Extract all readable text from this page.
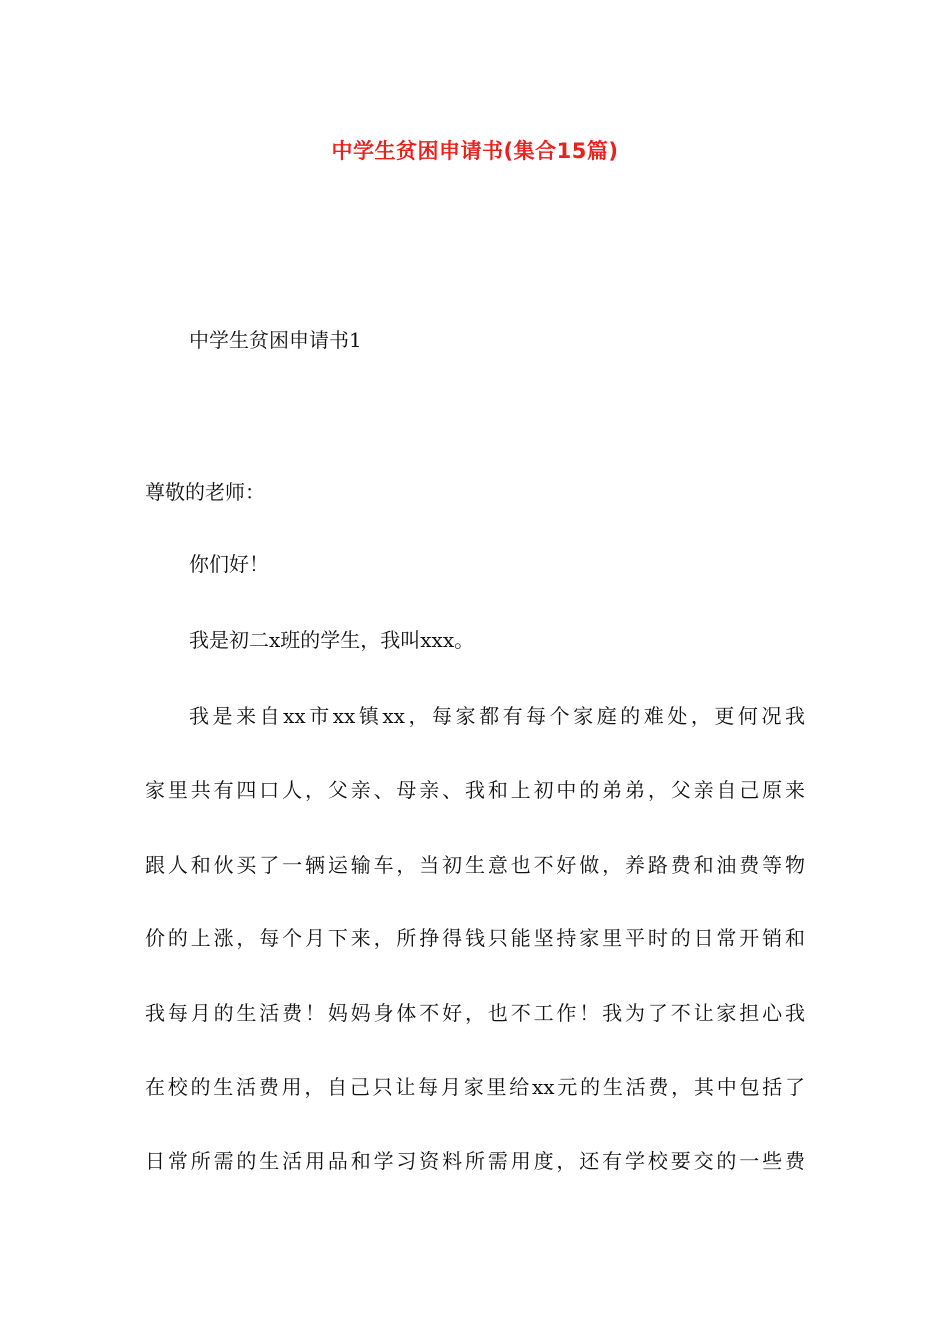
中学生贫困申请书(集合15篇)

中学生贫困申请书1

尊敬的老师：

你们好！

我是初二x班的学生，我叫xxx。

我是来自xx市xx镇xx，每家都有每个家庭的难处，更何况我

家里共有四口人，父亲、母亲、我和上初中的弟弟，父亲自己原来

跟人和伙买了一辆运输车，当初生意也不好做，养路费和油费等物

价的上涨，每个月下来，所挣得钱只能坚持家里平时的日常开销和

我每月的生活费！妈妈身体不好，也不工作！我为了不让家担心我

在校的生活费用，自己只让每月家里给xx元的生活费，其中包括了

日常所需的生活用品和学习资料所需用度，还有学校要交的一些费
